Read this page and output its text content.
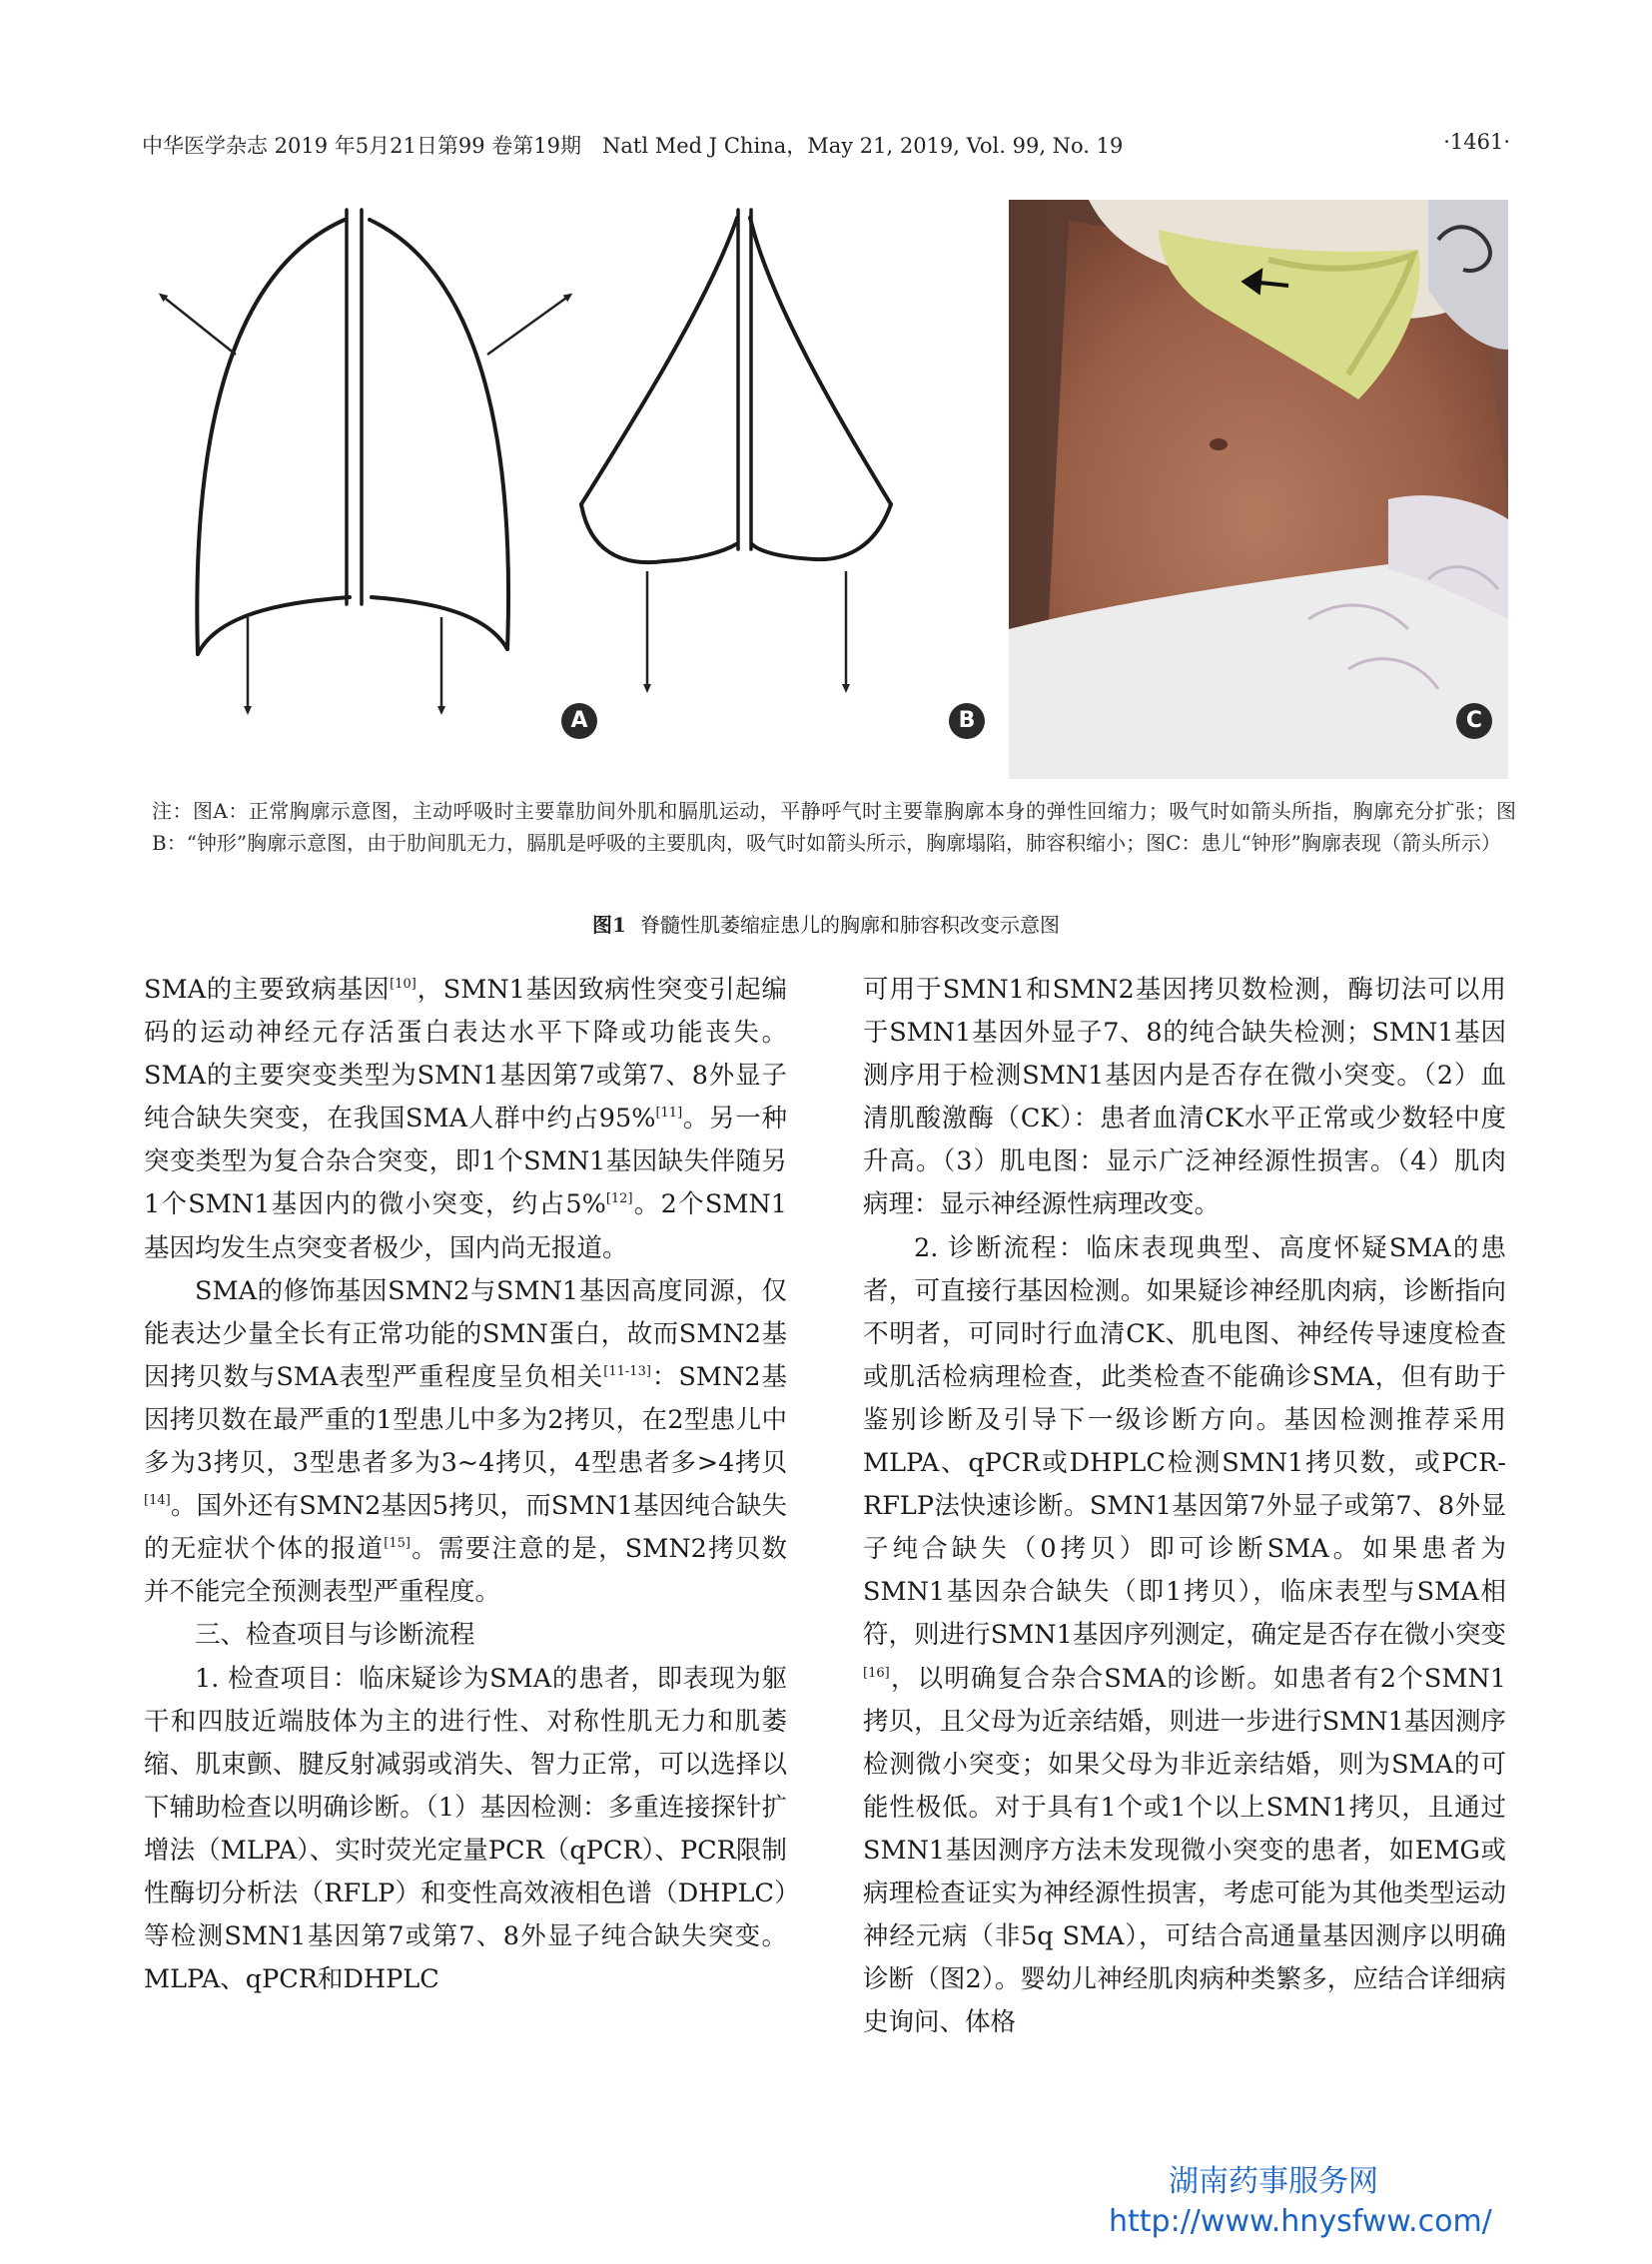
中华医学杂志 2019 年5月21日第99 卷第19期　Natl Med J China，May 21, 2019, Vol. 99, No. 19	·1461·
A	B	C
注：图A：正常胸廓示意图，主动呼吸时主要靠肋间外肌和膈肌运动，平静呼气时主要靠胸廓本身的弹性回缩力；吸气时如箭头所指，胸廓充分扩张；图B：“钟形”胸廓示意图，由于肋间肌无力，膈肌是呼吸的主要肌肉，吸气时如箭头所示，胸廓塌陷，肺容积缩小；图C：患儿“钟形”胸廓表现（箭头所示）
图1 脊髓性肌萎缩症患儿的胸廓和肺容积改变示意图

SMA的主要致病基因[10]，SMN1基因致病性突变引起编码的运动神经元存活蛋白表达水平下降或功能丧失。SMA的主要突变类型为SMN1基因第7或第7、8外显子纯合缺失突变，在我国SMA人群中约占95%[11]。另一种突变类型为复合杂合突变，即1个SMN1基因缺失伴随另1个SMN1基因内的微小突变，约占5%[12]。2个SMN1基因均发生点突变者极少，国内尚无报道。

SMA的修饰基因SMN2与SMN1基因高度同源，仅能表达少量全长有正常功能的SMN蛋白，故而SMN2基因拷贝数与SMA表型严重程度呈负相关[11-13]：SMN2基因拷贝数在最严重的1型患儿中多为2拷贝，在2型患儿中多为3拷贝，3型患者多为3~4拷贝，4型患者多>4拷贝[14]。国外还有SMN2基因5拷贝，而SMN1基因纯合缺失的无症状个体的报道[15]。需要注意的是，SMN2拷贝数并不能完全预测表型严重程度。

三、检查项目与诊断流程

1. 检查项目：临床疑诊为SMA的患者，即表现为躯干和四肢近端肢体为主的进行性、对称性肌无力和肌萎缩、肌束颤、腱反射减弱或消失、智力正常，可以选择以下辅助检查以明确诊断。（1）基因检测：多重连接探针扩增法（MLPA）、实时荧光定量PCR（qPCR）、PCR限制性酶切分析法（RFLP）和变性高效液相色谱（DHPLC）等检测SMN1基因第7或第7、8外显子纯合缺失突变。MLPA、qPCR和DHPLC

可用于SMN1和SMN2基因拷贝数检测，酶切法可以用于SMN1基因外显子7、8的纯合缺失检测；SMN1基因测序用于检测SMN1基因内是否存在微小突变。（2）血清肌酸激酶（CK）：患者血清CK水平正常或少数轻中度升高。（3）肌电图：显示广泛神经源性损害。（4）肌肉病理：显示神经源性病理改变。

2. 诊断流程：临床表现典型、高度怀疑SMA的患者，可直接行基因检测。如果疑诊神经肌肉病，诊断指向不明者，可同时行血清CK、肌电图、神经传导速度检查或肌活检病理检查，此类检查不能确诊SMA，但有助于鉴别诊断及引导下一级诊断方向。基因检测推荐采用MLPA、qPCR或DHPLC检测SMN1拷贝数，或PCR-RFLP法快速诊断。SMN1基因第7外显子或第7、8外显子纯合缺失（0拷贝）即可诊断SMA。如果患者为SMN1基因杂合缺失（即1拷贝），临床表型与SMA相符，则进行SMN1基因序列测定，确定是否存在微小突变[16]，以明确复合杂合SMA的诊断。如患者有2个SMN1拷贝，且父母为近亲结婚，则进一步进行SMN1基因测序检测微小突变；如果父母为非近亲结婚，则为SMA的可能性极低。对于具有1个或1个以上SMN1拷贝，且通过SMN1基因测序方法未发现微小突变的患者，如EMG或病理检查证实为神经源性损害，考虑可能为其他类型运动神经元病（非5q SMA），可结合高通量基因测序以明确诊断（图2）。婴幼儿神经肌肉病种类繁多，应结合详细病史询问、体格

湖南药事服务网
http://www.hnysfww.com/
